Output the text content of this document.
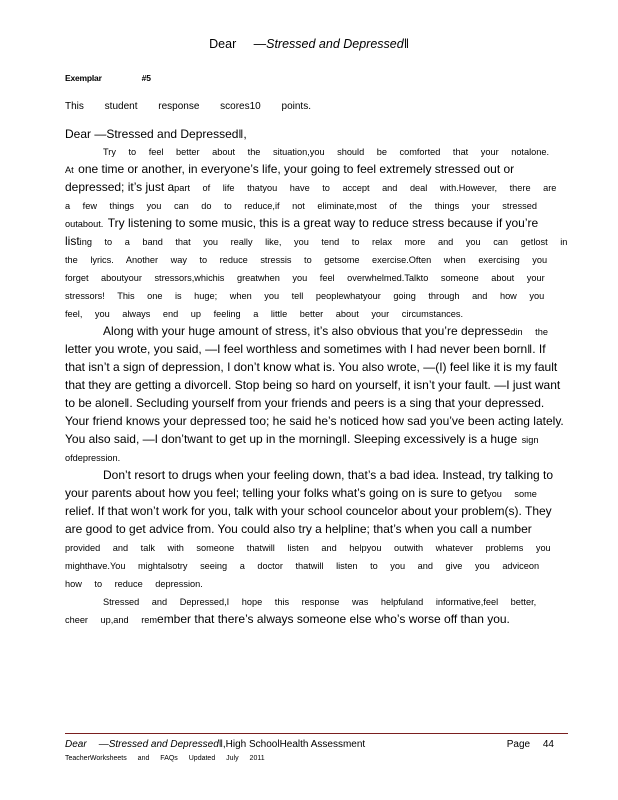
Dear —Stressed and Depressed‖
Exemplar	#5
This student response scores10 points.

Dear —Stressed and Depressed‖,

Try to feel better about the situation,you should be comforted that your notalone. At one time or another, in everyone’s life, your going to feel extremely stressed out or depressed; it’s just apart of life thatyou have to accept and deal with.However, there are a few things you can do to reduce,if not eliminate,most of the things your stressed outabout. Try listening to some music, this is a great way to reduce stress because if you’re listing to a band that you really like, you tend to relax more and you can getlost in the lyrics. Another way to reduce stressis to getsome exercise.Often when exercising you forget aboutyour stressors,whichis greatwhen you feel overwhelmed.Talkto someone about your stressors! This one is huge; when you tell peoplewhatyour going through and how you feel, you always end up feeling a little better about your circumstances.

Along with your huge amount of stress, it’s also obvious that you’re depressedin the letter you wrote, you said, —I feel worthless and sometimes with I had never been born‖. If that isn’t a sign of depression, I don’t know what is. You also wrote, —(I) feel like it is my fault that they are getting a divorce‖. Stop being so hard on yourself, it isn’t your fault. —I just want to be alone‖. Secluding yourself from your friends and peers is a sing that your depressed. Your friend knows your depressed too; he said he’s noticed how sad you’ve been acting lately. You also said, —I don’twant to get up in the morning‖. Sleeping excessively is a huge sign ofdepression.

Don’t resort to drugs when your feeling down, that’s a bad idea. Instead, try talking to your parents about how you feel; telling your folks what’s going on is sure to getyou some relief. If that won’t work for you, talk with your school councelor about your problem(s). They are good to get advice from. You could also try a helpline; that’s when you call a number provided and talk with someone thatwill listen and helpyou outwith whatever problems you mighthave.You mightalsotry seeing a doctor thatwill listen to you and give you adviceon how to reduce depression.

Stressed and Depressed,I hope this response was helpfuland informative,feel better, cheer up,and remember that there’s always someone else who’s worse off than you.

Dear —Stressed and Depressed‖,High SchoolHealth Assessment	Page 44
TeacherWorksheets and FAQs Updated July 2011
